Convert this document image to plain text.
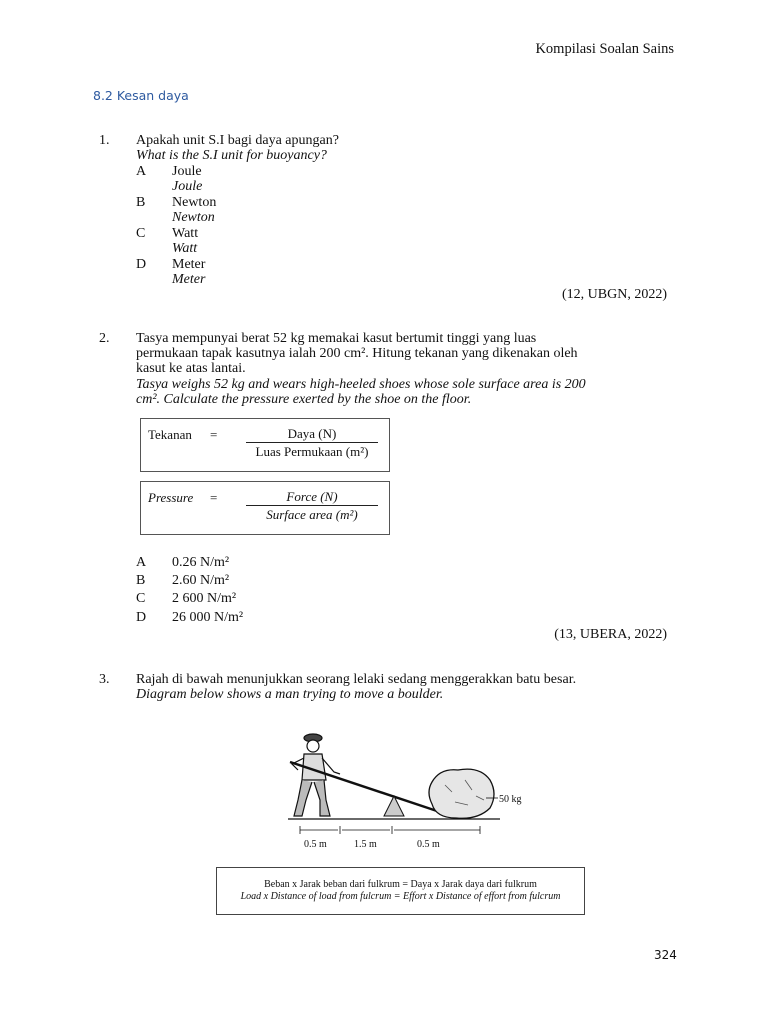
Kompilasi Soalan Sains
8.2 Kesan daya
1. Apakah unit S.I bagi daya apungan?
What is the S.I unit for buoyancy?
A Joule
Joule
B Newton
Newton
C Watt
Watt
D Meter
Meter
(12, UBGN, 2022)
2. Tasya mempunyai berat 52 kg memakai kasut bertumit tinggi yang luas
permukaan tapak kasutnya ialah 200 cm². Hitung tekanan yang dikenakan oleh
kasut ke atas lantai.
Tasya weighs 52 kg and wears high-heeled shoes whose sole surface area is 200
cm². Calculate the pressure exerted by the shoe on the floor.
Tekanan =	Daya (N)
Luas Permukaan (m²)
Pressure =	Force (N)
Surface area (m²)
A 0.26 N/m²
B 2.60 N/m²
C 2 600 N/m²
D 26 000 N/m²
(13, UBERA, 2022)
3. Rajah di bawah menunjukkan seorang lelaki sedang menggerakkan batu besar.
Diagram below shows a man trying to move a boulder.
50 kg
0.5 m	1.5 m	0.5 m
Beban x Jarak beban dari fulkrum = Daya x Jarak daya dari fulkrum
Load x Distance of load from fulcrum = Effort x Distance of effort from fulcrum
324
